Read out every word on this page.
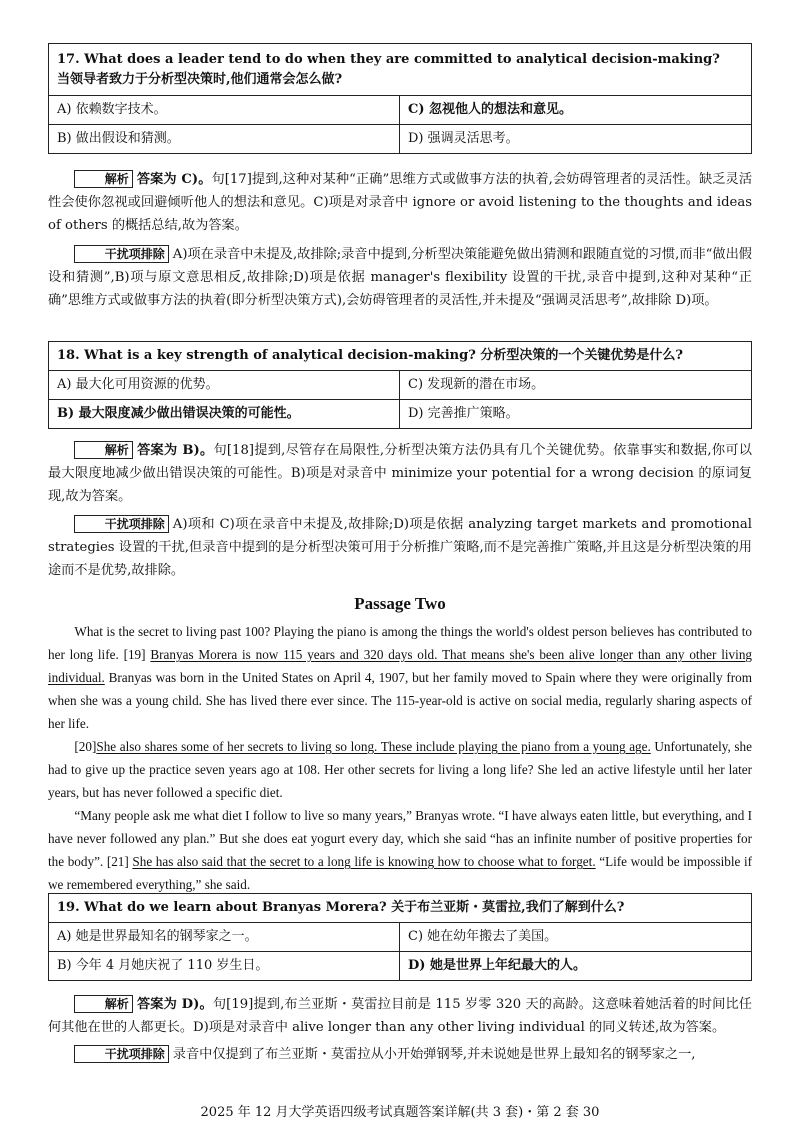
17. What does a leader tend to do when they are committed to analytical decision-making?
当领导者致力于分析型决策时,他们通常会怎么做?
A) 依赖数字技术。	C) 忽视他人的想法和意见。
B) 做出假设和猜测。	D) 强调灵活思考。

解析 答案为 C)。句[17]提到,这种对某种“正确”思维方式或做事方法的执着,会妨碍管理者的灵活性。缺乏灵活性会使你忽视或回避倾听他人的想法和意见。C)项是对录音中 ignore or avoid listening to the thoughts and ideas of others 的概括总结,故为答案。

干扰项排除 A)项在录音中未提及,故排除;录音中提到,分析型决策能避免做出猜测和跟随直觉的习惯,而非“做出假设和猜测”,B)项与原文意思相反,故排除;D)项是依据 manager's flexibility 设置的干扰,录音中提到,这种对某种“正确”思维方式或做事方法的执着(即分析型决策方式),会妨碍管理者的灵活性,并未提及“强调灵活思考”,故排除 D)项。

18. What is a key strength of analytical decision-making? 分析型决策的一个关键优势是什么?
A) 最大化可用资源的优势。	C) 发现新的潜在市场。
B) 最大限度减少做出错误决策的可能性。	D) 完善推广策略。

解析 答案为 B)。句[18]提到,尽管存在局限性,分析型决策方法仍具有几个关键优势。依靠事实和数据,你可以最大限度地减少做出错误决策的可能性。B)项是对录音中 minimize your potential for a wrong decision 的原词复现,故为答案。

干扰项排除 A)项和 C)项在录音中未提及,故排除;D)项是依据 analyzing target markets and promotional strategies 设置的干扰,但录音中提到的是分析型决策可用于分析推广策略,而不是完善推广策略,并且这是分析型决策的用途而不是优势,故排除。

Passage Two

What is the secret to living past 100? Playing the piano is among the things the world's oldest person believes has contributed to her long life. [19] Branyas Morera is now 115 years and 320 days old. That means she's been alive longer than any other living individual. Branyas was born in the United States on April 4, 1907, but her family moved to Spain where they were originally from when she was a young child. She has lived there ever since. The 115-year-old is active on social media, regularly sharing aspects of her life.

[20]She also shares some of her secrets to living so long. These include playing the piano from a young age. Unfortunately, she had to give up the practice seven years ago at 108. Her other secrets for living a long life? She led an active lifestyle until her later years, but has never followed a specific diet.

“Many people ask me what diet I follow to live so many years,” Branyas wrote. “I have always eaten little, but everything, and I have never followed any plan.” But she does eat yogurt every day, which she said “has an infinite number of positive properties for the body”. [21] She has also said that the secret to a long life is knowing how to choose what to forget. “Life would be impossible if we remembered everything,” she said.

19. What do we learn about Branyas Morera? 关于布兰亚斯・莫雷拉,我们了解到什么?
A) 她是世界最知名的钢琴家之一。	C) 她在幼年搬去了美国。
B) 今年 4 月她庆祝了 110 岁生日。	D) 她是世界上年纪最大的人。

解析 答案为 D)。句[19]提到,布兰亚斯・莫雷拉目前是 115 岁零 320 天的高龄。这意味着她活着的时间比任何其他在世的人都更长。D)项是对录音中 alive longer than any other living individual 的同义转述,故为答案。

干扰项排除 录音中仅提到了布兰亚斯・莫雷拉从小开始弹钢琴,并未说她是世界上最知名的钢琴家之一,

2025 年 12 月大学英语四级考试真题答案详解(共 3 套)・第 2 套 30
